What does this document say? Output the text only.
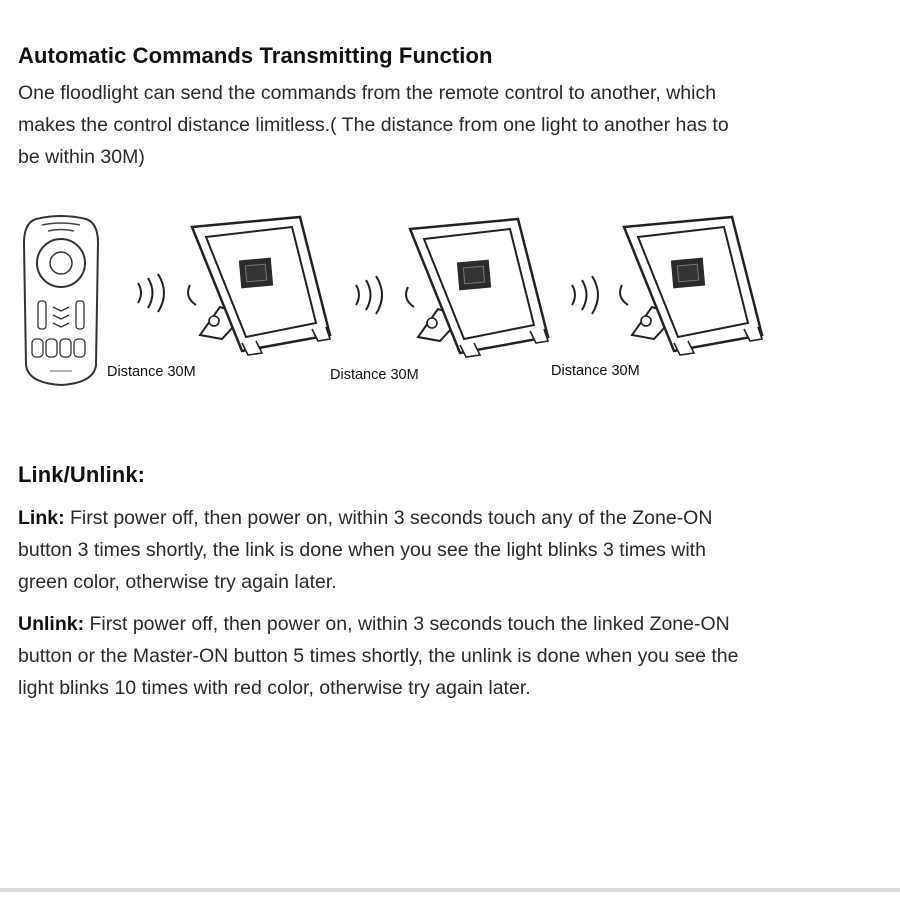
Automatic Commands Transmitting Function

One floodlight can send the commands from the remote control to another, which makes the control distance limitless.( The distance from one light to another has to be within 30M)

Distance 30M	Distance 30M	Distance 30M
Link/Unlink:

Link: First power off, then power on, within 3 seconds touch any of the Zone-ON button 3 times shortly, the link is done when you see the light blinks 3 times with green color, otherwise try again later.

Unlink: First power off, then power on, within 3 seconds touch the linked Zone-ON button or the Master-ON button 5 times shortly, the unlink is done when you see the light blinks 10 times with red color, otherwise try again later.
